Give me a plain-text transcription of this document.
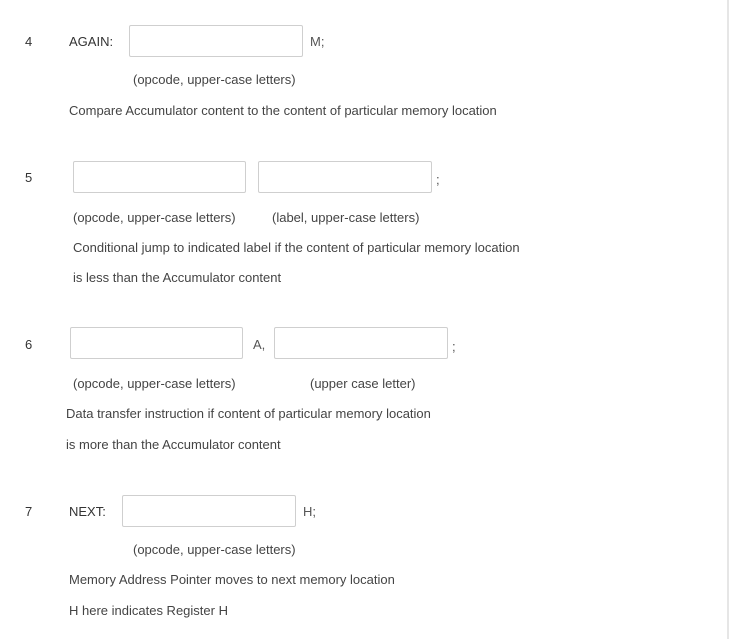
4	AGAIN:	M;
(opcode, upper-case letters)
Compare Accumulator content to the content of particular memory location
5	;
(opcode, upper-case letters)	(label, upper-case letters)
Conditional jump to indicated label if the content of particular memory location
is less than the Accumulator content
6	A,	;
(opcode, upper-case letters)	(upper case letter)
Data transfer instruction if content of particular memory location
is more than the Accumulator content
7	NEXT:	H;
(opcode, upper-case letters)
Memory Address Pointer moves to next memory location
H here indicates Register H
